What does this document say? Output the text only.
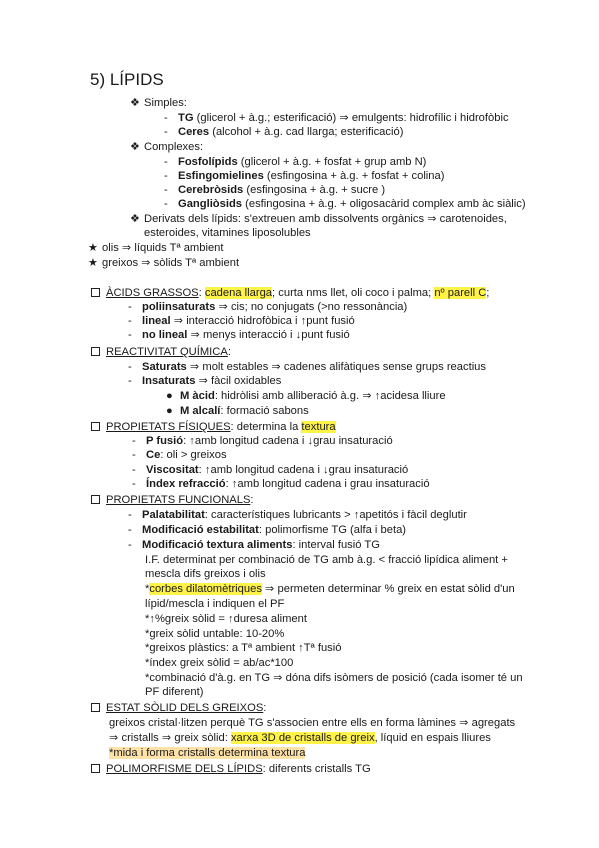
5) LÍPIDS
❖ Simples:
- TG (glicerol + à.g.; esterificació) ⇒ emulgents: hidrofílic i hidrofòbic
- Ceres (alcohol + à.g. cad llarga; esterificació)
❖ Complexes:
- Fosfolípids (glicerol + à.g. + fosfat + grup amb N)
- Esfingomielines (esfingosina + à.g. + fosfat + colina)
- Cerebròsids (esfingosina + à.g. + sucre )
- Gangliòsids (esfingosina + à.g. + oligosacàrid complex amb àc siàlic)
❖ Derivats dels lípids: s'extreuen amb dissolvents orgànics ⇒ carotenoides,
esteroides, vitamines liposolubles
★ olis ⇒ líquids Tª ambient
★ greixos ⇒ sòlids Tª ambient
ÀCIDS GRASSOS: cadena llarga; curta nms llet, oli coco i palma; nº parell C;
- poliinsaturats ⇒ cis; no conjugats (>no ressonància)
- lineal ⇒ interacció hidrofòbica i ↑punt fusió
- no lineal ⇒ menys interacció i ↓punt fusió
REACTIVITAT QUÍMICA:
- Saturats ⇒ molt estables ⇒ cadenes alifàtiques sense grups reactius
- Insaturats ⇒ fàcil oxidables
● M àcid: hidròlisi amb alliberació à.g. ⇒ ↑acidesa lliure
● M alcalí: formació sabons
PROPIETATS FÍSIQUES: determina la textura
- P fusió: ↑amb longitud cadena i ↓grau insaturació
- Ce: oli > greixos
- Viscositat: ↑amb longitud cadena i ↓grau insaturació
- Índex refracció: ↑amb longitud cadena i grau insaturació
PROPIETATS FUNCIONALS:
- Palatabilitat: característiques lubricants > ↑apetitós i fàcil deglutir
- Modificació estabilitat: polimorfisme TG (alfa i beta)
- Modificació textura aliments: interval fusió TG
I.F. determinat per combinació de TG amb à.g. < fracció lipídica aliment +
mescla difs greixos i olis
*corbes dilatomètriques ⇒ permeten determinar % greix en estat sòlid d'un
lípid/mescla i indiquen el PF
*↑%greix sòlid = ↑duresa aliment
*greix sòlid untable: 10-20%
*greixos plàstics: a Tª ambient ↑Tª fusió
*índex greix sòlid = ab/ac*100
*combinació d'à.g. en TG ⇒ dóna difs isòmers de posició (cada isomer té un
PF diferent)
ESTAT SÒLID DELS GREIXOS:
greixos cristal·litzen perquè TG s'associen entre ells en forma làmines ⇒ agregats
⇒ cristalls ⇒ greix sòlid: xarxa 3D de cristalls de greix, líquid en espais lliures
*mida i forma cristalls determina textura
POLIMORFISME DELS LÍPIDS: diferents cristalls TG
